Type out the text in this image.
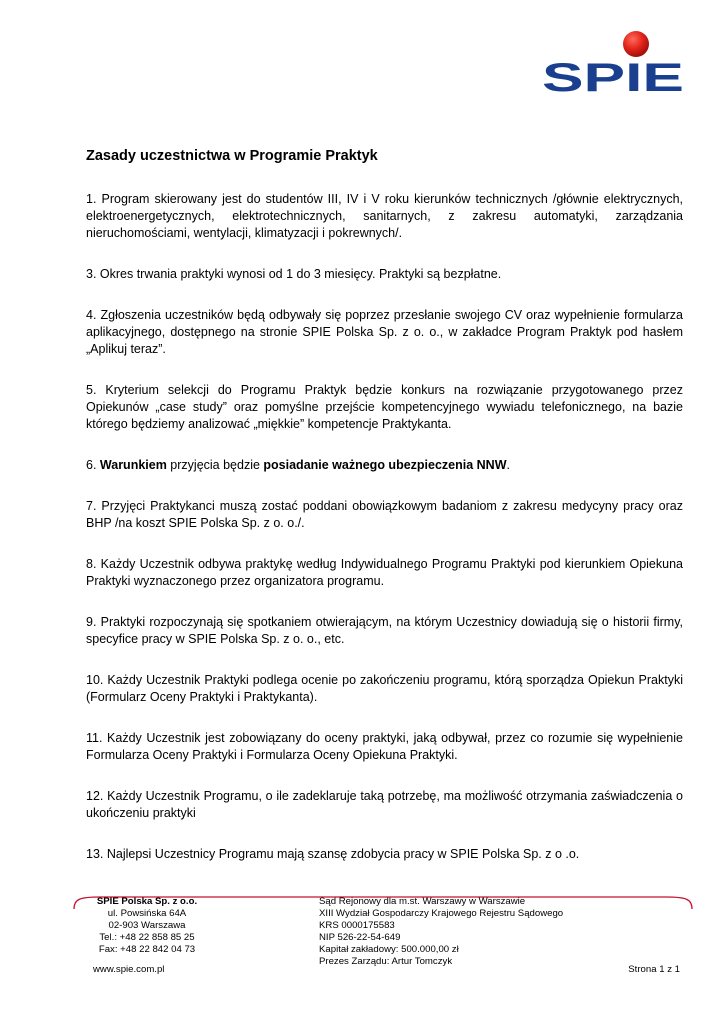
SPIE
Zasady uczestnictwa w Programie Praktyk

1. Program skierowany jest do studentów III, IV i V roku kierunków technicznych /głównie elektrycznych, elektroenergetycznych, elektrotechnicznych, sanitarnych, z zakresu automatyki, zarządzania nieruchomościami, wentylacji, klimatyzacji i pokrewnych/.

3. Okres trwania praktyki wynosi od 1 do 3 miesięcy. Praktyki są bezpłatne.

4. Zgłoszenia uczestników będą odbywały się poprzez przesłanie swojego CV oraz wypełnienie formularza aplikacyjnego, dostępnego na stronie SPIE Polska Sp. z o. o., w zakładce Program Praktyk pod hasłem „Aplikuj teraz”.

5. Kryterium selekcji do Programu Praktyk będzie konkurs na rozwiązanie przygotowanego przez Opiekunów „case study” oraz pomyślne przejście kompetencyjnego wywiadu telefonicznego, na bazie którego będziemy analizować „miękkie” kompetencje Praktykanta.

6. Warunkiem przyjęcia będzie posiadanie ważnego ubezpieczenia NNW.

7. Przyjęci Praktykanci muszą zostać poddani obowiązkowym badaniom z zakresu medycyny pracy oraz BHP /na koszt SPIE Polska Sp. z o. o./.

8. Każdy Uczestnik odbywa praktykę według Indywidualnego Programu Praktyki pod kierunkiem Opiekuna Praktyki wyznaczonego przez organizatora programu.

9. Praktyki rozpoczynają się spotkaniem otwierającym, na którym Uczestnicy dowiadują się o historii firmy, specyfice pracy w SPIE Polska Sp. z o. o., etc.

10. Każdy Uczestnik Praktyki podlega ocenie po zakończeniu programu, którą sporządza Opiekun Praktyki (Formularz Oceny Praktyki i Praktykanta).

11. Każdy Uczestnik jest zobowiązany do oceny praktyki, jaką odbywał, przez co rozumie się wypełnienie Formularza Oceny Praktyki i Formularza Oceny Opiekuna Praktyki.

12. Każdy Uczestnik Programu, o ile zadeklaruje taką potrzebę, ma możliwość otrzymania zaświadczenia o ukończeniu praktyki

13. Najlepsi Uczestnicy Programu mają szansę zdobycia pracy w SPIE Polska Sp. z o .o.

SPIE Polska Sp. z o.o.
ul. Powsińska 64A
02-903 Warszawa
Tel.: +48 22 858 85 25
Fax: +48 22 842 04 73
Sąd Rejonowy dla m.st. Warszawy w Warszawie
XIII Wydział Gospodarczy Krajowego Rejestru Sądowego
KRS 0000175583
NIP 526-22-54-649
Kapitał zakładowy: 500.000,00 zł
Prezes Zarządu: Artur Tomczyk
www.spie.com.pl	Strona 1 z 1
